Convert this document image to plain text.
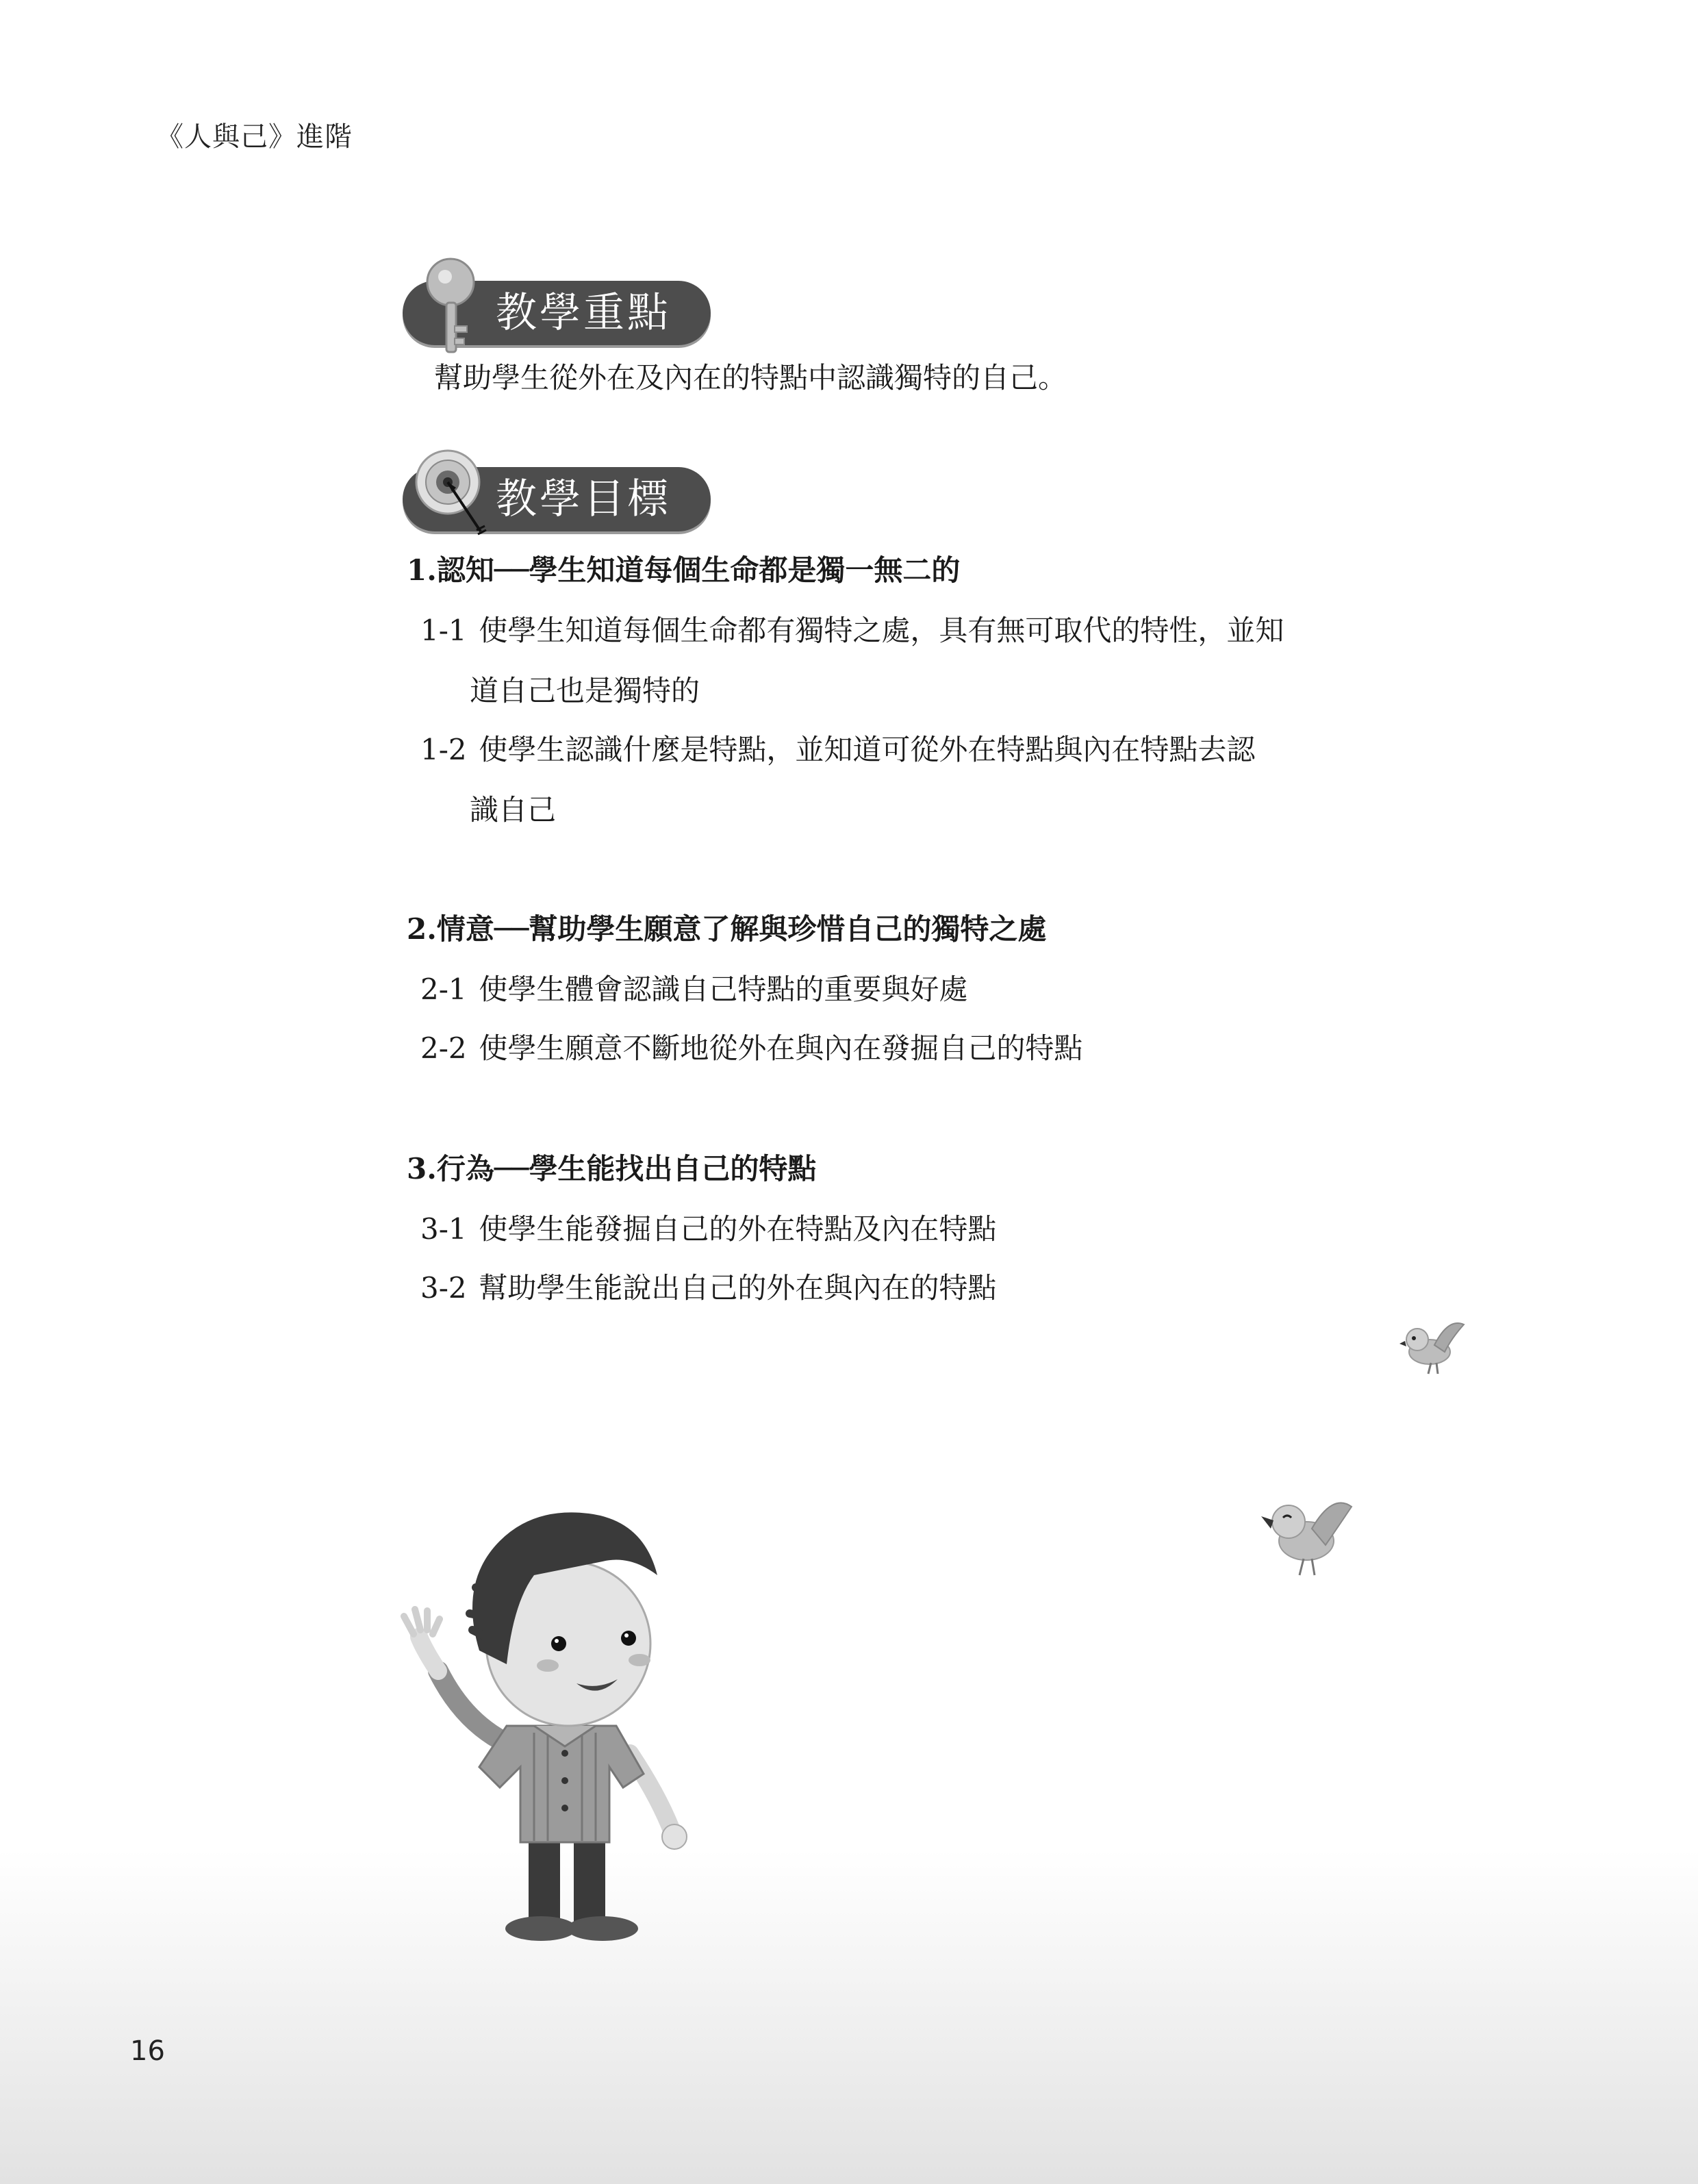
《人與己》進階
教學重點
幫助學生從外在及內在的特點中認識獨特的自己。
教學目標
1.認知──學生知道每個生命都是獨一無二的
1-1 使學生知道每個生命都有獨特之處，具有無可取代的特性，並知
道自己也是獨特的
1-2 使學生認識什麼是特點，並知道可從外在特點與內在特點去認
識自己
2.情意──幫助學生願意了解與珍惜自己的獨特之處
2-1 使學生體會認識自己特點的重要與好處
2-2 使學生願意不斷地從外在與內在發掘自己的特點
3.行為──學生能找出自己的特點
3-1 使學生能發掘自己的外在特點及內在特點
3-2 幫助學生能說出自己的外在與內在的特點
16
